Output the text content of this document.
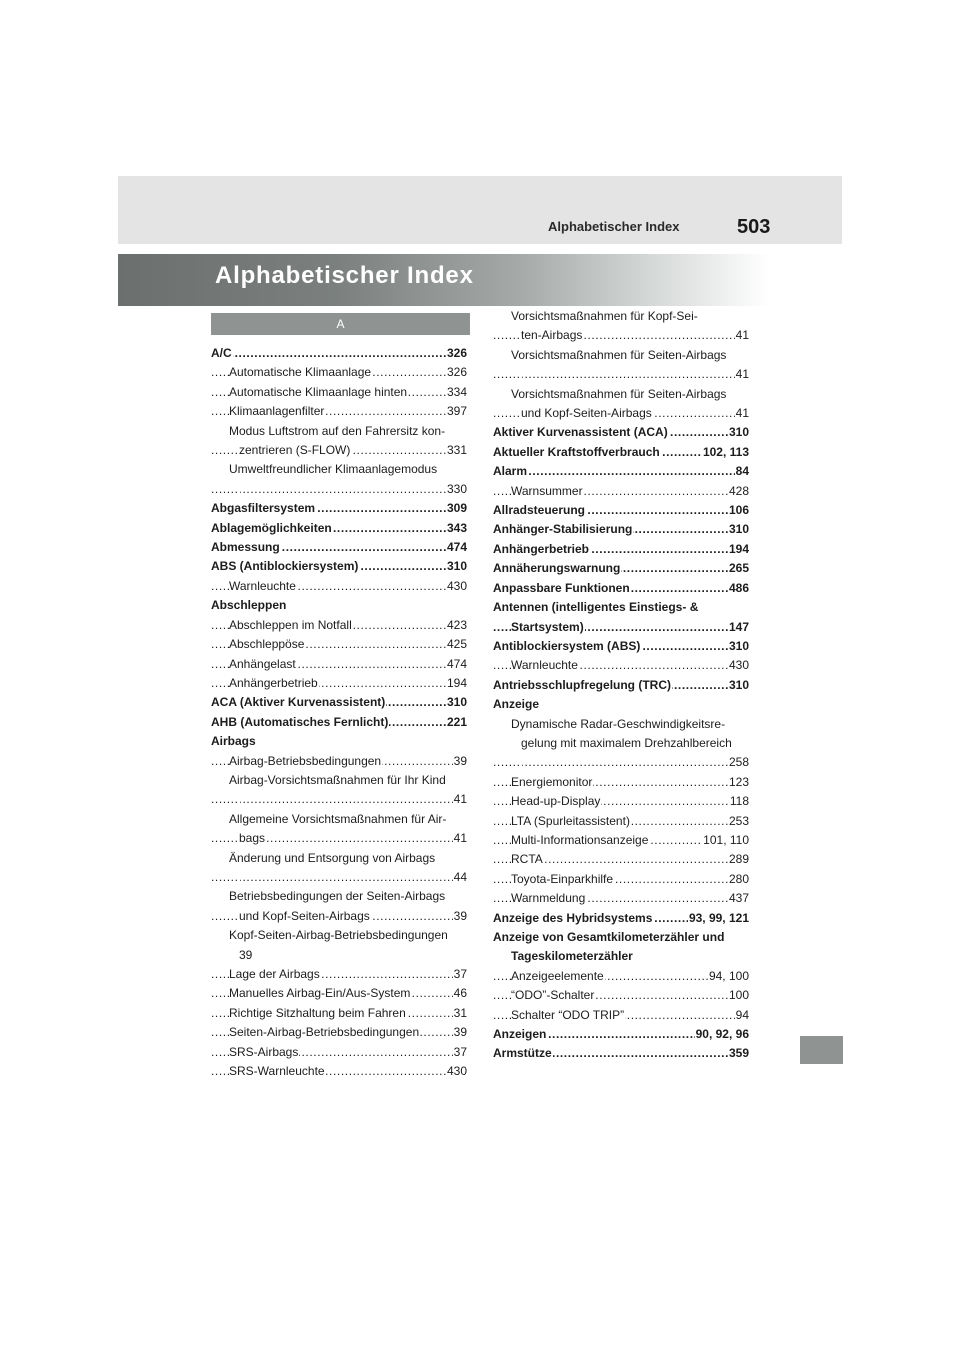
Alphabetischer Index	503
Alphabetischer Index
A
A/C	326
.....
Automatische Klimaanlage	326
.....
Automatische Klimaanlage hinten	334
.....
Klimaanlagenfilter	397
.....
Modus Luftstrom auf den Fahrersitz kon-
zentrieren (S-FLOW)	331
.....
Umweltfreundlicher Klimaanlagemodus
330
.....
Abgasfiltersystem	309
.....
Ablagemöglichkeiten	343
.....
Abmessung	474
.....
ABS (Antiblockiersystem)	310
.....
Warnleuchte	430
.....
Abschleppen
Abschleppen im Notfall	423
.....
Abschleppöse	425
.....
Anhängelast	474
.....
Anhängerbetrieb	194
.....
ACA (Aktiver Kurvenassistent)	310
.....
AHB (Automatisches Fernlicht)	221
.....
Airbags
Airbag-Betriebsbedingungen	39
.....
Airbag-Vorsichtsmaßnahmen für Ihr Kind
41
.....
Allgemeine Vorsichtsmaßnahmen für Air-
bags	41
.....
Änderung und Entsorgung von Airbags
44
.....
Betriebsbedingungen der Seiten-Airbags
und Kopf-Seiten-Airbags	39
.....
Kopf-Seiten-Airbag-Betriebsbedingungen
39
Lage der Airbags	37
.....
Manuelles Airbag-Ein/Aus-System	46
.....
Richtige Sitzhaltung beim Fahren	31
.....
Seiten-Airbag-Betriebsbedingungen	39
.....
SRS-Airbags	37
.....
SRS-Warnleuchte	430
.....
Vorsichtsmaßnahmen für Kopf-Sei-
ten-Airbags	41
.....
Vorsichtsmaßnahmen für Seiten-Airbags
41
.....
Vorsichtsmaßnahmen für Seiten-Airbags
und Kopf-Seiten-Airbags	41
.....
Aktiver Kurvenassistent (ACA)	310
.....
Aktueller Kraftstoffverbrauch	102, 113
.....
Alarm	84
.....
Warnsummer	428
.....
Allradsteuerung	106
.....
Anhänger-Stabilisierung	310
.....
Anhängerbetrieb	194
.....
Annäherungswarnung	265
.....
Anpassbare Funktionen	486
.....
Antennen (intelligentes Einstiegs- &
Startsystem)	147
.....
Antiblockiersystem (ABS)	310
.....
Warnleuchte	430
.....
Antriebsschlupfregelung (TRC)	310
.....
Anzeige
Dynamische Radar-Geschwindigkeitsre-
gelung mit maximalem Drehzahlbereich
258
.....
Energiemonitor	123
.....
Head-up-Display	118
.....
LTA (Spurleitassistent)	253
.....
Multi-Informationsanzeige	101, 110
.....
RCTA	289
.....
Toyota-Einparkhilfe	280
.....
Warnmeldung	437
.....
Anzeige des Hybridsystems	93, 99, 121
.....
Anzeige von Gesamtkilometerzähler und
Tageskilometerzähler
Anzeigeelemente	94, 100
.....
“ODO”-Schalter	100
.....
Schalter “ODO TRIP”	94
.....
Anzeigen	90, 92, 96
.....
Armstütze	359
.....
